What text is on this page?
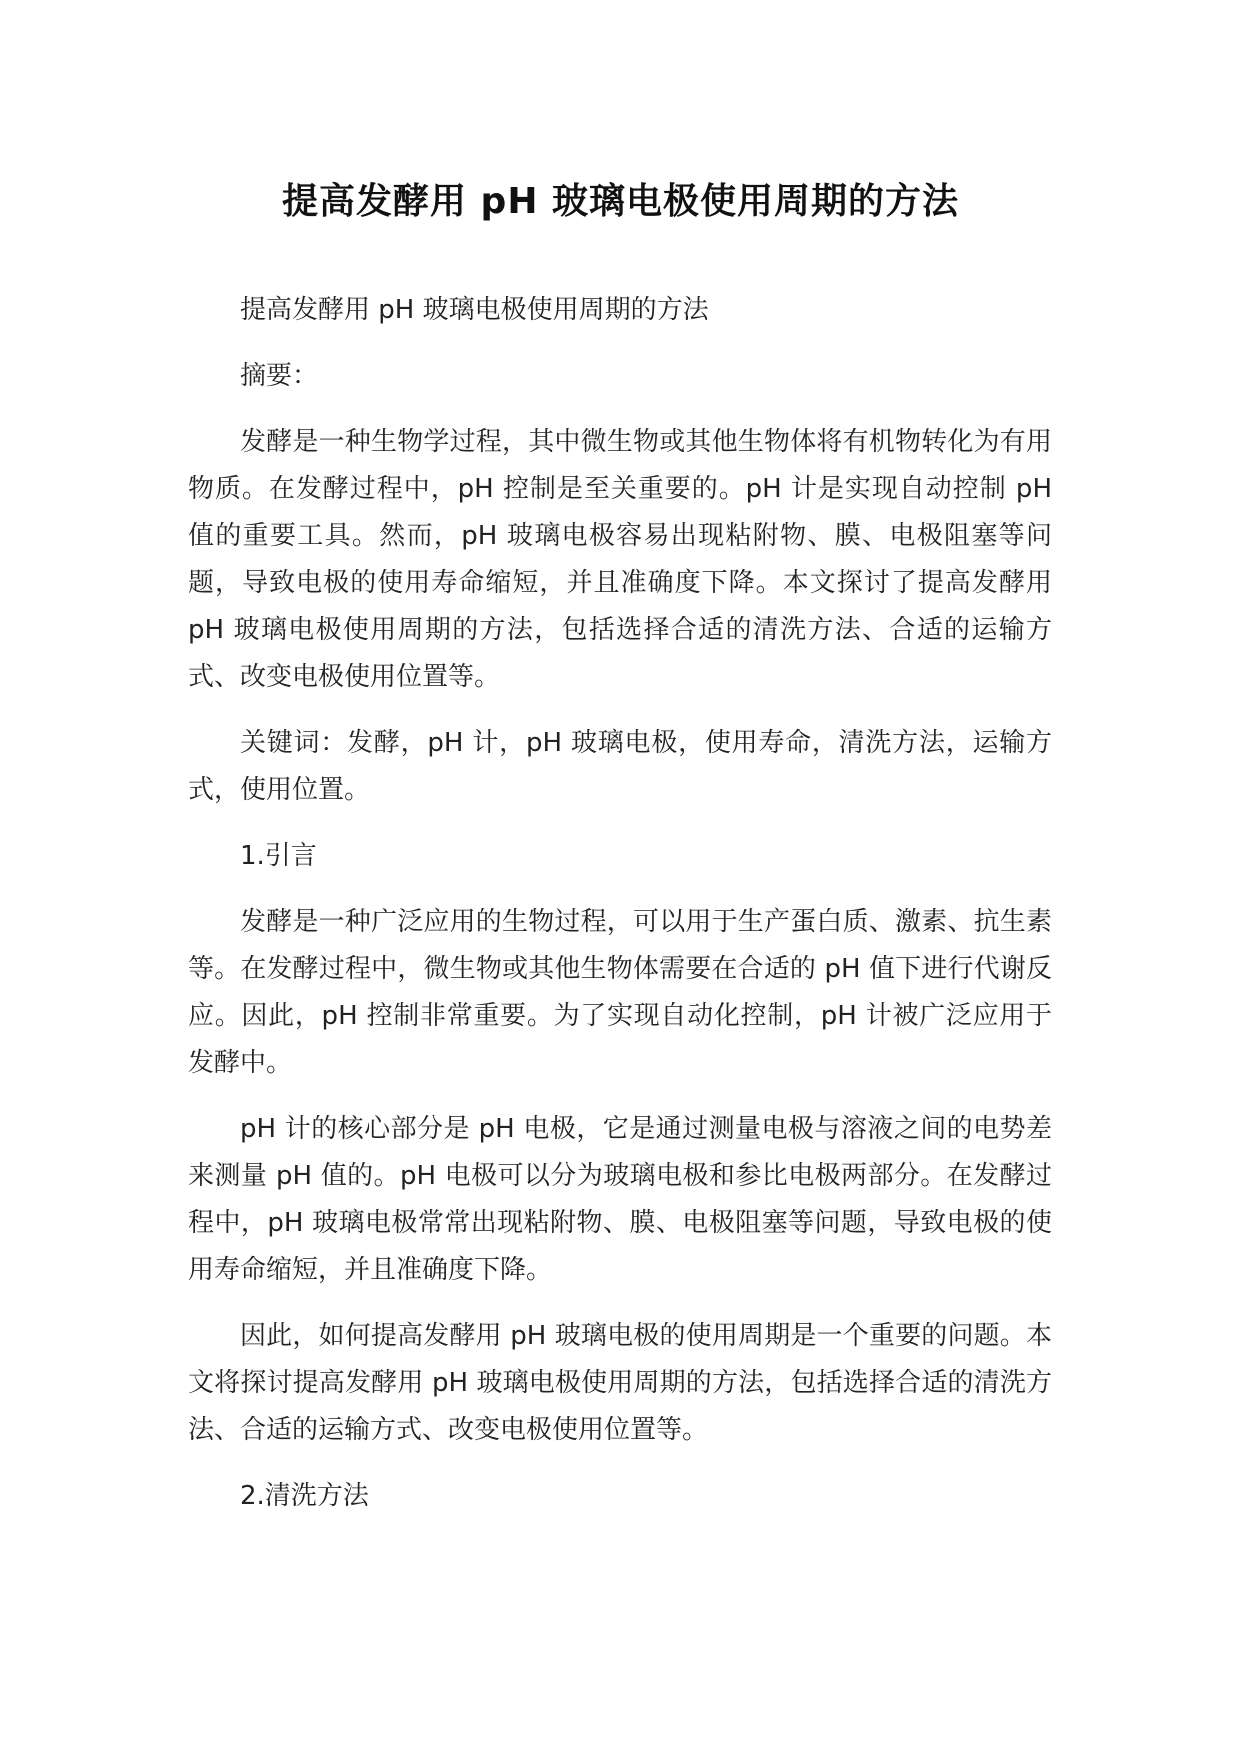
提高发酵用 pH 玻璃电极使用周期的方法

提高发酵用 pH 玻璃电极使用周期的方法

摘要：

发酵是一种生物学过程，其中微生物或其他生物体将有机物转化为有用物质。在发酵过程中，pH 控制是至关重要的。pH 计是实现自动控制 pH 值的重要工具。然而，pH 玻璃电极容易出现粘附物、膜、电极阻塞等问题，导致电极的使用寿命缩短，并且准确度下降。本文探讨了提高发酵用 pH 玻璃电极使用周期的方法，包括选择合适的清洗方法、合适的运输方式、改变电极使用位置等。

关键词：发酵，pH 计，pH 玻璃电极，使用寿命，清洗方法，运输方式，使用位置。

1.引言

发酵是一种广泛应用的生物过程，可以用于生产蛋白质、激素、抗生素等。在发酵过程中，微生物或其他生物体需要在合适的 pH 值下进行代谢反应。因此，pH 控制非常重要。为了实现自动化控制，pH 计被广泛应用于发酵中。

pH 计的核心部分是 pH 电极，它是通过测量电极与溶液之间的电势差来测量 pH 值的。pH 电极可以分为玻璃电极和参比电极两部分。在发酵过程中，pH 玻璃电极常常出现粘附物、膜、电极阻塞等问题，导致电极的使用寿命缩短，并且准确度下降。

因此，如何提高发酵用 pH 玻璃电极的使用周期是一个重要的问题。本文将探讨提高发酵用 pH 玻璃电极使用周期的方法，包括选择合适的清洗方法、合适的运输方式、改变电极使用位置等。

2.清洗方法
